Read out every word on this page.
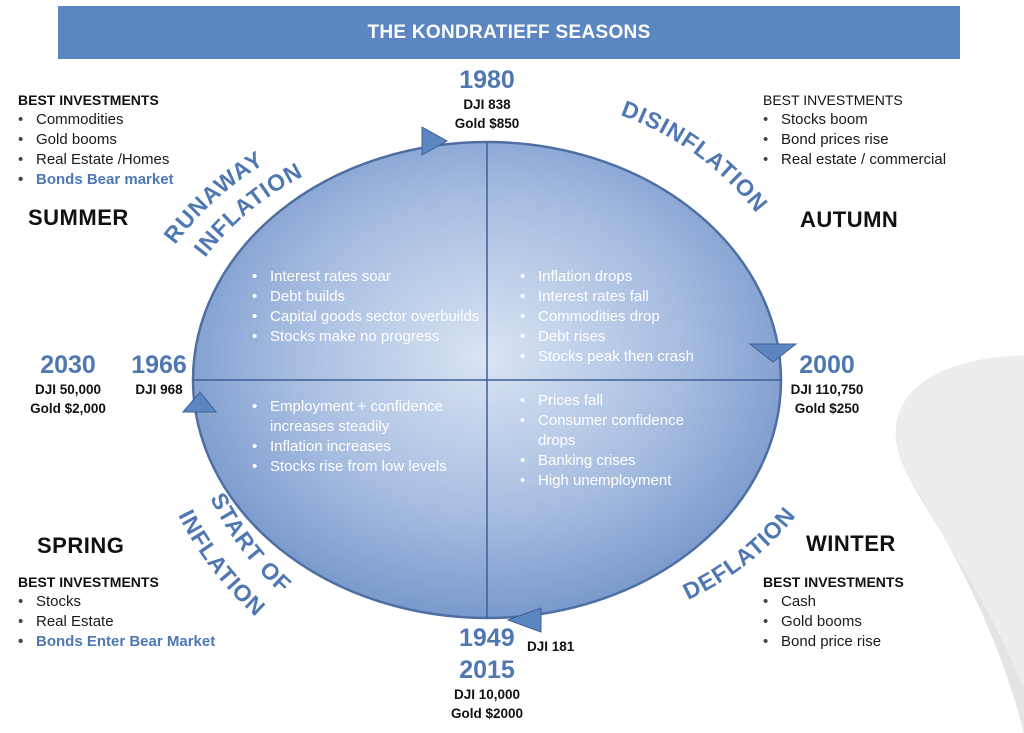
THE KONDRATIEFF SEASONS
RUNAWAY
INFLATION
DISINFLATION
START OF
INFLATION
DEFLATION
BEST INVESTMENTS
• Commodities
• Gold booms
• Real Estate /Homes
• Bonds Bear market
SUMMER
BEST INVESTMENTS
• Stocks boom
• Bond prices rise
• Real estate / commercial
AUTUMN
SPRING
BEST INVESTMENTS
• Stocks
• Real Estate
• Bonds Enter Bear Market
WINTER
BEST INVESTMENTS
• Cash
• Gold booms
• Bond price rise
1980
DJI 838
Gold $850
2000
DJI 110,750
Gold $250
2030
DJI 50,000
Gold $2,000
1966
DJI 968
1949 DJI 181
2015
DJI 10,000
Gold $2000
• Interest rates soar
• Debt builds
• Capital goods sector overbuilds
• Stocks make no progress
• Inflation drops
• Interest rates fall
• Commodities drop
• Debt rises
• Stocks peak then crash
• Employment + confidence increases steadily
• Inflation increases
• Stocks rise from low levels
• Prices fall
• Consumer confidence drops
• Banking crises
• High unemployment
